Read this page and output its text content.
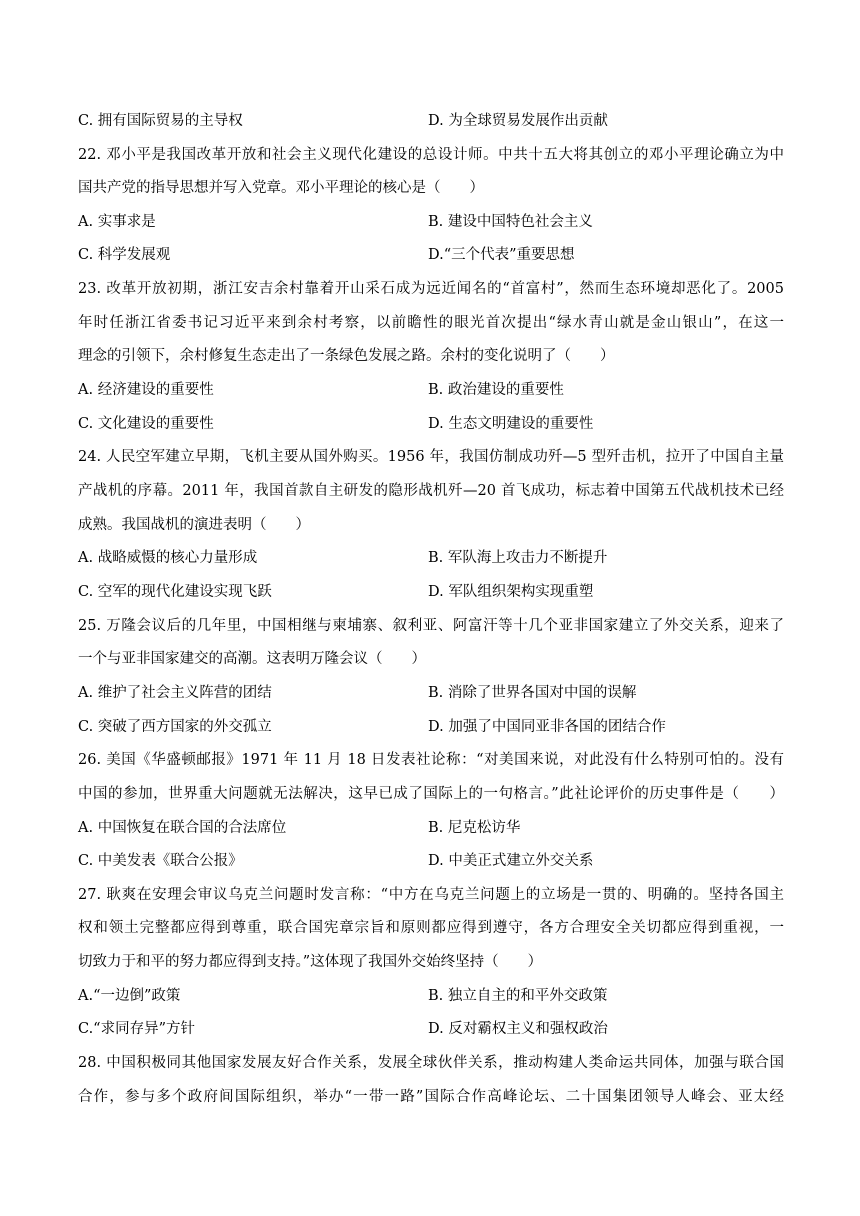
C. 拥有国际贸易的主导权	D. 为全球贸易发展作出贡献
22. 邓小平是我国改革开放和社会主义现代化建设的总设计师。中共十五大将其创立的邓小平理论确立为中
国共产党的指导思想并写入党章。邓小平理论的核心是（　　）
A. 实事求是	B. 建设中国特色社会主义
C. 科学发展观	D.“三个代表”重要思想
23. 改革开放初期，浙江安吉余村靠着开山采石成为远近闻名的“首富村”，然而生态环境却恶化了。2005
年时任浙江省委书记习近平来到余村考察，以前瞻性的眼光首次提出“绿水青山就是金山银山”，在这一
理念的引领下，余村修复生态走出了一条绿色发展之路。余村的变化说明了（　　）
A. 经济建设的重要性	B. 政治建设的重要性
C. 文化建设的重要性	D. 生态文明建设的重要性
24. 人民空军建立早期，飞机主要从国外购买。1956 年，我国仿制成功歼—5 型歼击机，拉开了中国自主量
产战机的序幕。2011 年，我国首款自主研发的隐形战机歼—20 首飞成功，标志着中国第五代战机技术已经
成熟。我国战机的演进表明（　　）
A. 战略威慑的核心力量形成	B. 军队海上攻击力不断提升
C. 空军的现代化建设实现飞跃	D. 军队组织架构实现重塑
25. 万隆会议后的几年里，中国相继与柬埔寨、叙利亚、阿富汗等十几个亚非国家建立了外交关系，迎来了
一个与亚非国家建交的高潮。这表明万隆会议（　　）
A. 维护了社会主义阵营的团结	B. 消除了世界各国对中国的误解
C. 突破了西方国家的外交孤立	D. 加强了中国同亚非各国的团结合作
26. 美国《华盛顿邮报》1971 年 11 月 18 日发表社论称：“对美国来说，对此没有什么特别可怕的。没有
中国的参加，世界重大问题就无法解决，这早已成了国际上的一句格言。”此社论评价的历史事件是（　　）
A. 中国恢复在联合国的合法席位	B. 尼克松访华
C. 中美发表《联合公报》	D. 中美正式建立外交关系
27. 耿爽在安理会审议乌克兰问题时发言称：“中方在乌克兰问题上的立场是一贯的、明确的。坚持各国主
权和领土完整都应得到尊重，联合国宪章宗旨和原则都应得到遵守，各方合理安全关切都应得到重视，一
切致力于和平的努力都应得到支持。”这体现了我国外交始终坚持（　　）
A.“一边倒”政策	B. 独立自主的和平外交政策
C.“求同存异”方针	D. 反对霸权主义和强权政治
28. 中国积极同其他国家发展友好合作关系，发展全球伙伴关系，推动构建人类命运共同体，加强与联合国
合作，参与多个政府间国际组织，举办“一带一路”国际合作高峰论坛、二十国集团领导人峰会、亚太经
